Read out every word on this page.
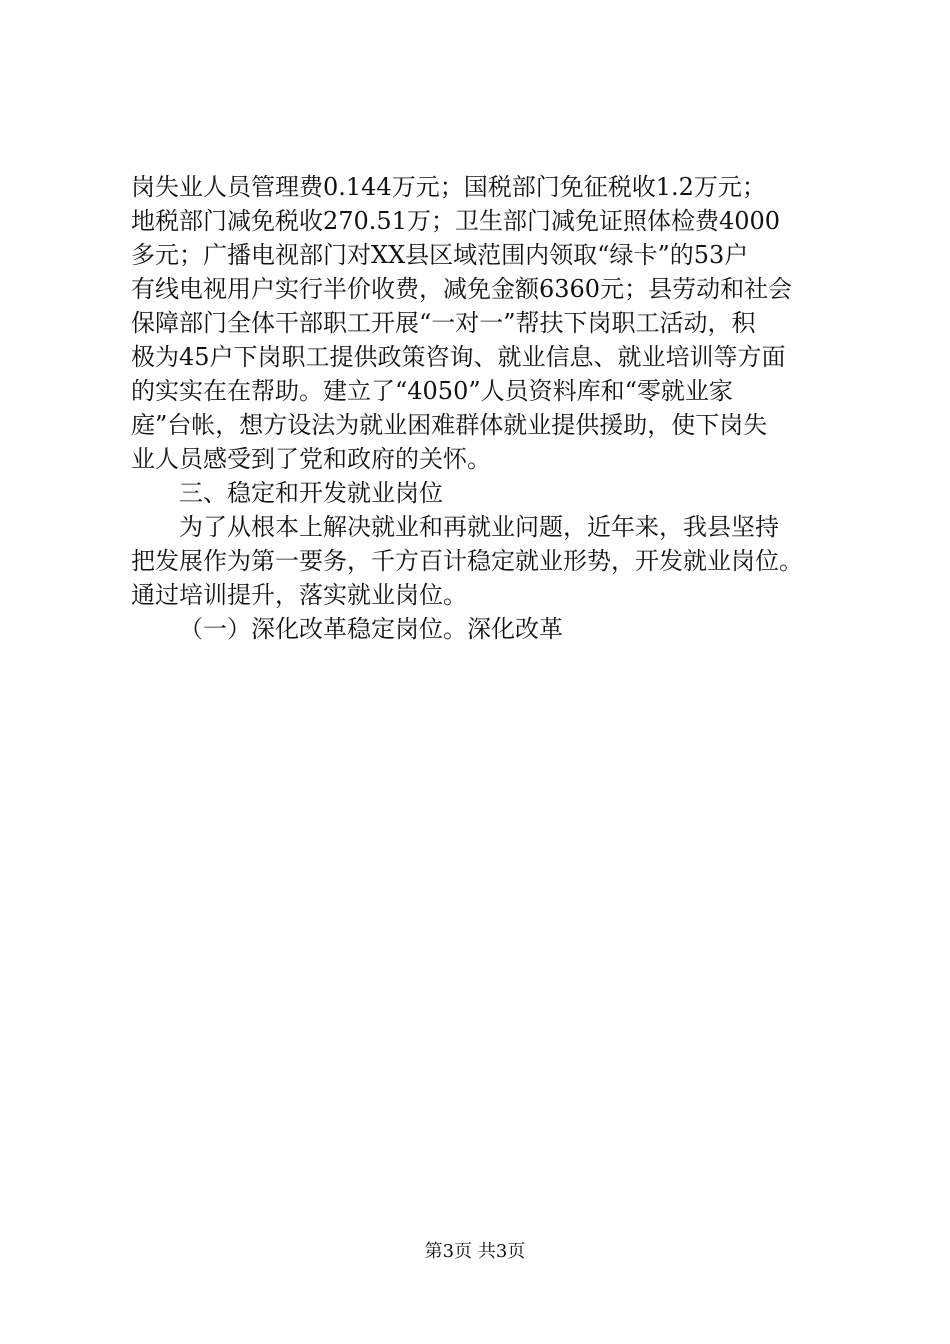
岗失业人员管理费0.144万元；国税部门免征税收1.2万元；
地税部门减免税收270.51万；卫生部门减免证照体检费4000
多元；广播电视部门对XX县区域范围内领取“绿卡”的53户
有线电视用户实行半价收费，减免金额6360元；县劳动和社会
保障部门全体干部职工开展“一对一”帮扶下岗职工活动，积
极为45户下岗职工提供政策咨询、就业信息、就业培训等方面
的实实在在帮助。建立了“4050”人员资料库和“零就业家
庭”台帐，想方设法为就业困难群体就业提供援助，使下岗失
业人员感受到了党和政府的关怀。
三、稳定和开发就业岗位
为了从根本上解决就业和再就业问题，近年来，我县坚持
把发展作为第一要务，千方百计稳定就业形势，开发就业岗位。
通过培训提升，落实就业岗位。
（一）深化改革稳定岗位。深化改革
第3页 共3页
